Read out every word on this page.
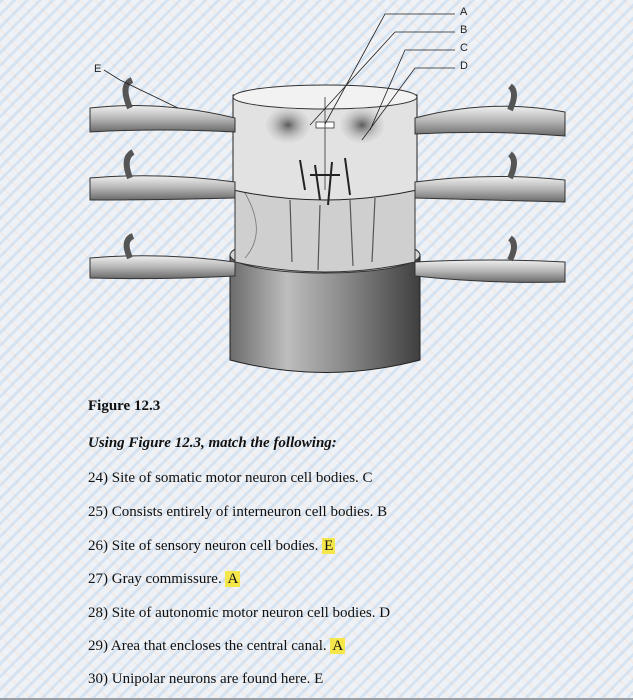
A
B
C
D
E

Figure 12.3

Using Figure 12.3, match the following:
24) Site of somatic motor neuron cell bodies. C
25) Consists entirely of interneuron cell bodies. B
26) Site of sensory neuron cell bodies. E
27) Gray commissure. A
28) Site of autonomic motor neuron cell bodies. D
29) Area that encloses the central canal. A
30) Unipolar neurons are found here. E
